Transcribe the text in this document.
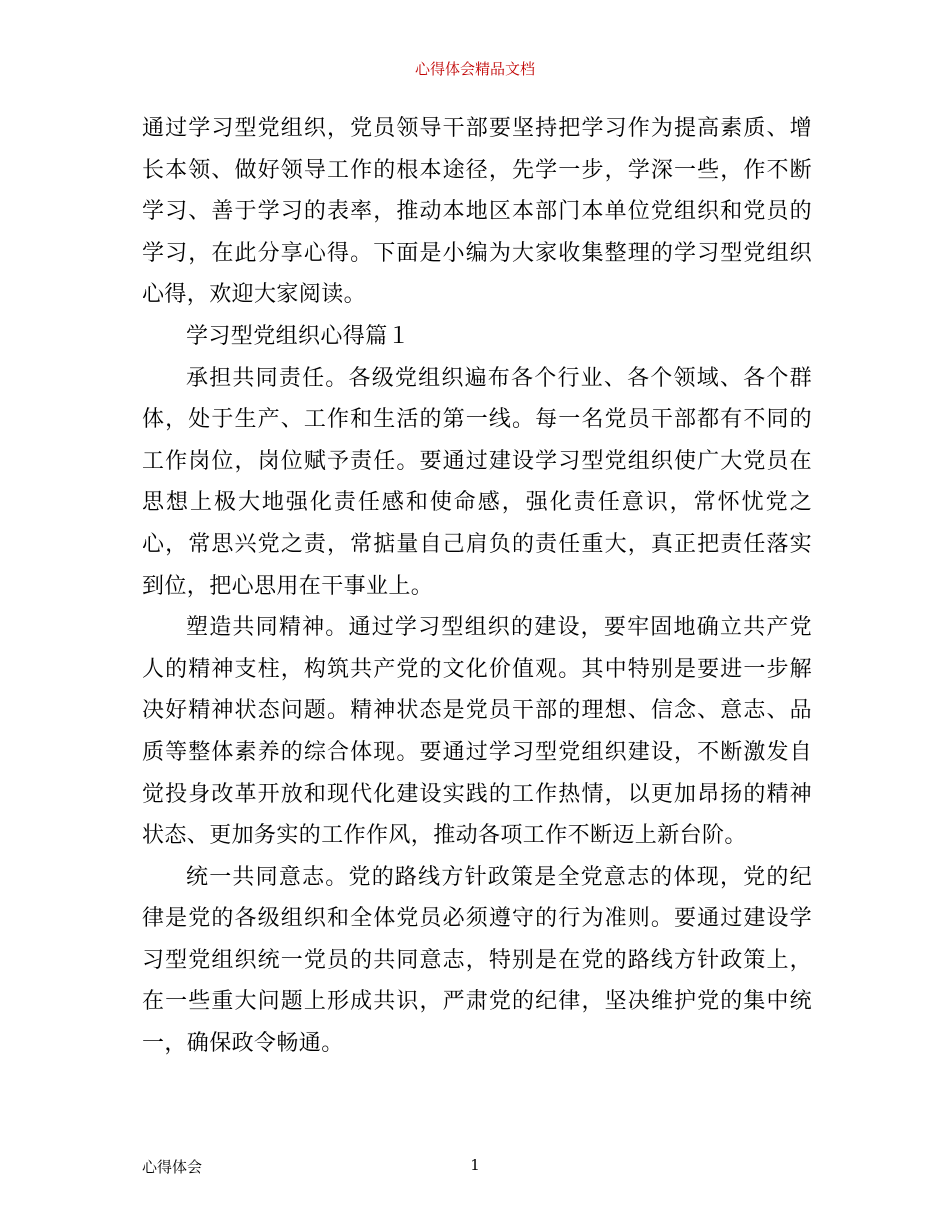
心得体会精品文档

通过学习型党组织，党员领导干部要坚持把学习作为提高素质、增长本领、做好领导工作的根本途径，先学一步，学深一些，作不断学习、善于学习的表率，推动本地区本部门本单位党组织和党员的学习，在此分享心得。下面是小编为大家收集整理的学习型党组织心得，欢迎大家阅读。

学习型党组织心得篇１

承担共同责任。各级党组织遍布各个行业、各个领域、各个群体，处于生产、工作和生活的第一线。每一名党员干部都有不同的工作岗位，岗位赋予责任。要通过建设学习型党组织使广大党员在思想上极大地强化责任感和使命感，强化责任意识，常怀忧党之心，常思兴党之责，常掂量自己肩负的责任重大，真正把责任落实到位，把心思用在干事业上。

塑造共同精神。通过学习型组织的建设，要牢固地确立共产党人的精神支柱，构筑共产党的文化价值观。其中特别是要进一步解决好精神状态问题。精神状态是党员干部的理想、信念、意志、品质等整体素养的综合体现。要通过学习型党组织建设，不断激发自觉投身改革开放和现代化建设实践的工作热情，以更加昂扬的精神状态、更加务实的工作作风，推动各项工作不断迈上新台阶。

统一共同意志。党的路线方针政策是全党意志的体现，党的纪律是党的各级组织和全体党员必须遵守的行为准则。要通过建设学习型党组织统一党员的共同意志，特别是在党的路线方针政策上，在一些重大问题上形成共识，严肃党的纪律，坚决维护党的集中统一，确保政令畅通。

心得体会	1
